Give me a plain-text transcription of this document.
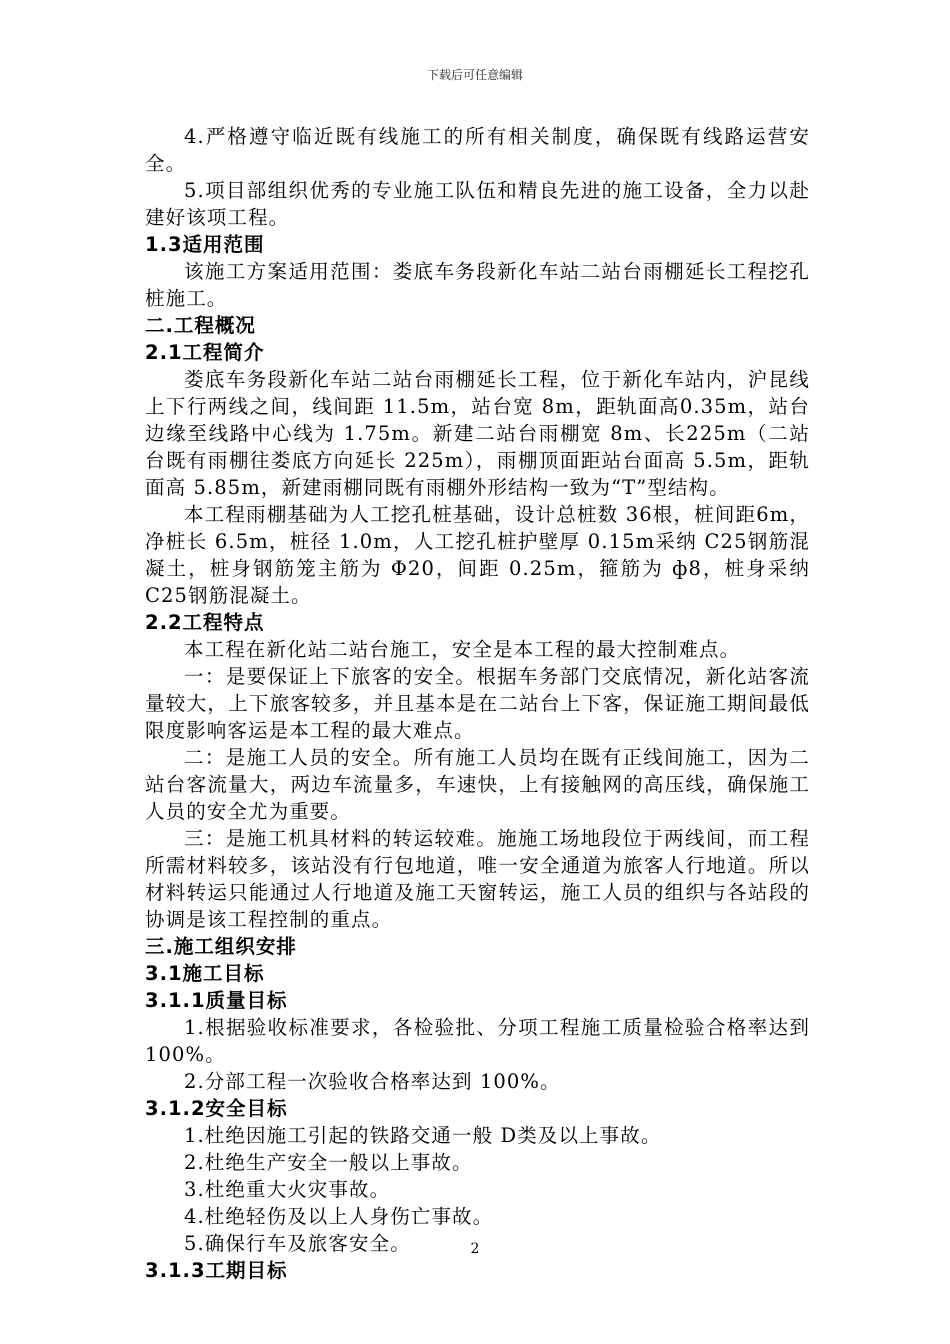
下载后可任意编辑
4.严格遵守临近既有线施工的所有相关制度，确保既有线路运营安全。
5.项目部组织优秀的专业施工队伍和精良先进的施工设备，全力以赴建好该项工程。
1.3适用范围
该施工方案适用范围：娄底车务段新化车站二站台雨棚延长工程挖孔桩施工。
二.工程概况
2.1工程简介
娄底车务段新化车站二站台雨棚延长工程，位于新化车站内，沪昆线上下行两线之间，线间距 11.5m，站台宽 8m，距轨面高0.35m，站台边缘至线路中心线为 1.75m。新建二站台雨棚宽 8m、长225m（二站台既有雨棚往娄底方向延长 225m），雨棚顶面距站台面高 5.5m，距轨面高 5.85m，新建雨棚同既有雨棚外形结构一致为“T”型结构。
本工程雨棚基础为人工挖孔桩基础，设计总桩数 36根，桩间距6m，净桩长 6.5m，桩径 1.0m，人工挖孔桩护壁厚 0.15m采纳 C25钢筋混凝土，桩身钢筋笼主筋为 Φ20，间距 0.25m，箍筋为 ф8，桩身采纳C25钢筋混凝土。
2.2工程特点
本工程在新化站二站台施工，安全是本工程的最大控制难点。
一：是要保证上下旅客的安全。根据车务部门交底情况，新化站客流量较大，上下旅客较多，并且基本是在二站台上下客，保证施工期间最低限度影响客运是本工程的最大难点。
二：是施工人员的安全。所有施工人员均在既有正线间施工，因为二站台客流量大，两边车流量多，车速快，上有接触网的高压线，确保施工人员的安全尤为重要。
三：是施工机具材料的转运较难。施施工场地段位于两线间，而工程所需材料较多，该站没有行包地道，唯一安全通道为旅客人行地道。所以材料转运只能通过人行地道及施工天窗转运，施工人员的组织与各站段的协调是该工程控制的重点。
三.施工组织安排
3.1施工目标
3.1.1质量目标
1.根据验收标准要求，各检验批、分项工程施工质量检验合格率达到 100%。
2.分部工程一次验收合格率达到 100%。
3.1.2安全目标
1.杜绝因施工引起的铁路交通一般 D类及以上事故。
2.杜绝生产安全一般以上事故。
3.杜绝重大火灾事故。
4.杜绝轻伤及以上人身伤亡事故。
5.确保行车及旅客安全。
3.1.3工期目标
2
